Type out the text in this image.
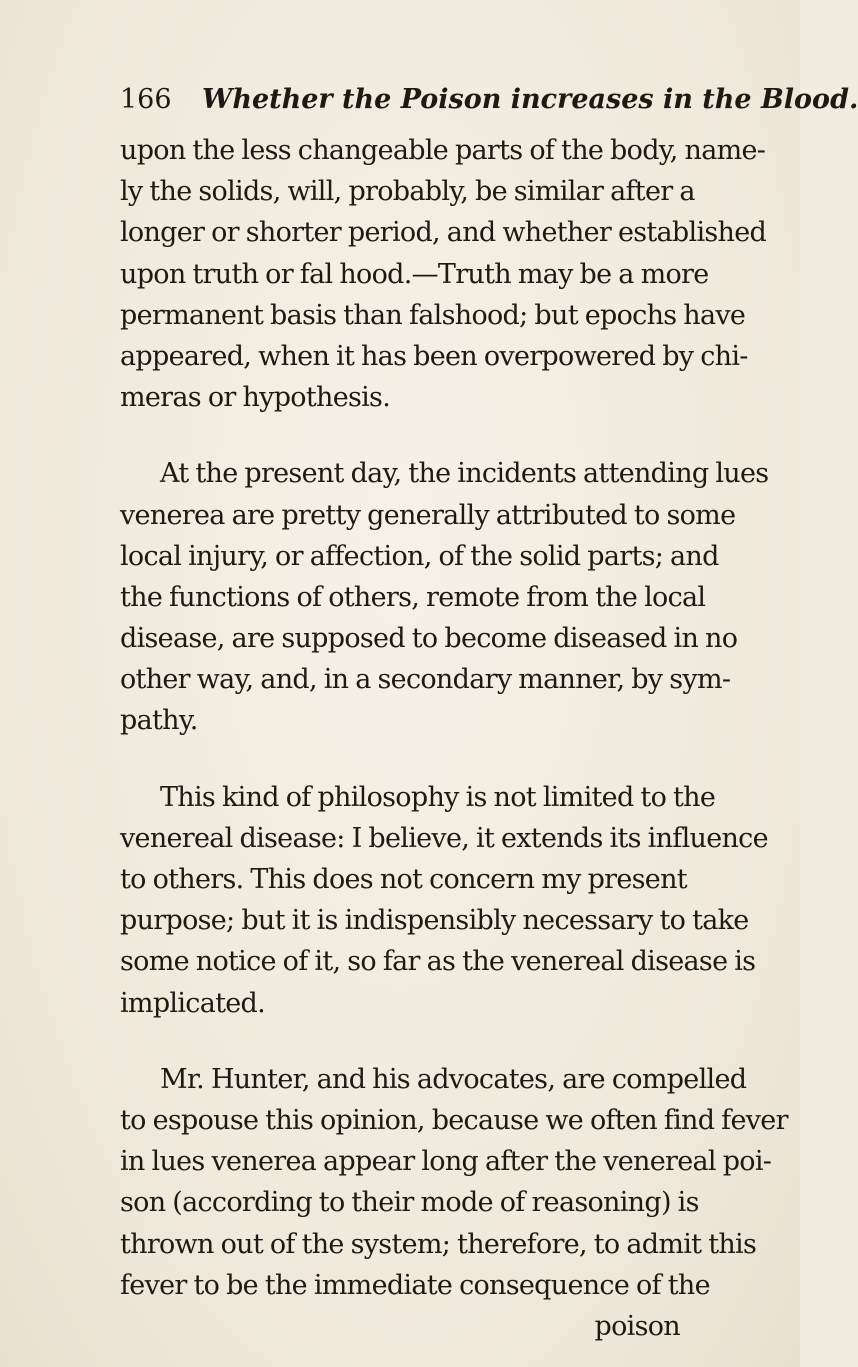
166 Whether the Poison increases in the Blood.
upon the less changeable parts of the body, name-
ly the solids, will, probably, be similar after a
longer or shorter period, and whether established
upon truth or fal hood.—Truth may be a more
permanent basis than falshood; but epochs have
appeared, when it has been overpowered by chi-
meras or hypothesis.
At the present day, the incidents attending lues
venerea are pretty generally attributed to some
local injury, or affection, of the solid parts; and
the functions of others, remote from the local
disease, are supposed to become diseased in no
other way, and, in a secondary manner, by sym-
pathy.
This kind of philosophy is not limited to the
venereal disease: I believe, it extends its influence
to others. This does not concern my present
purpose; but it is indispensibly necessary to take
some notice of it, so far as the venereal disease is
implicated.
Mr. Hunter, and his advocates, are compelled
to espouse this opinion, because we often find fever
in lues venerea appear long after the venereal poi-
son (according to their mode of reasoning) is
thrown out of the system; therefore, to admit this
fever to be the immediate consequence of the
poison
